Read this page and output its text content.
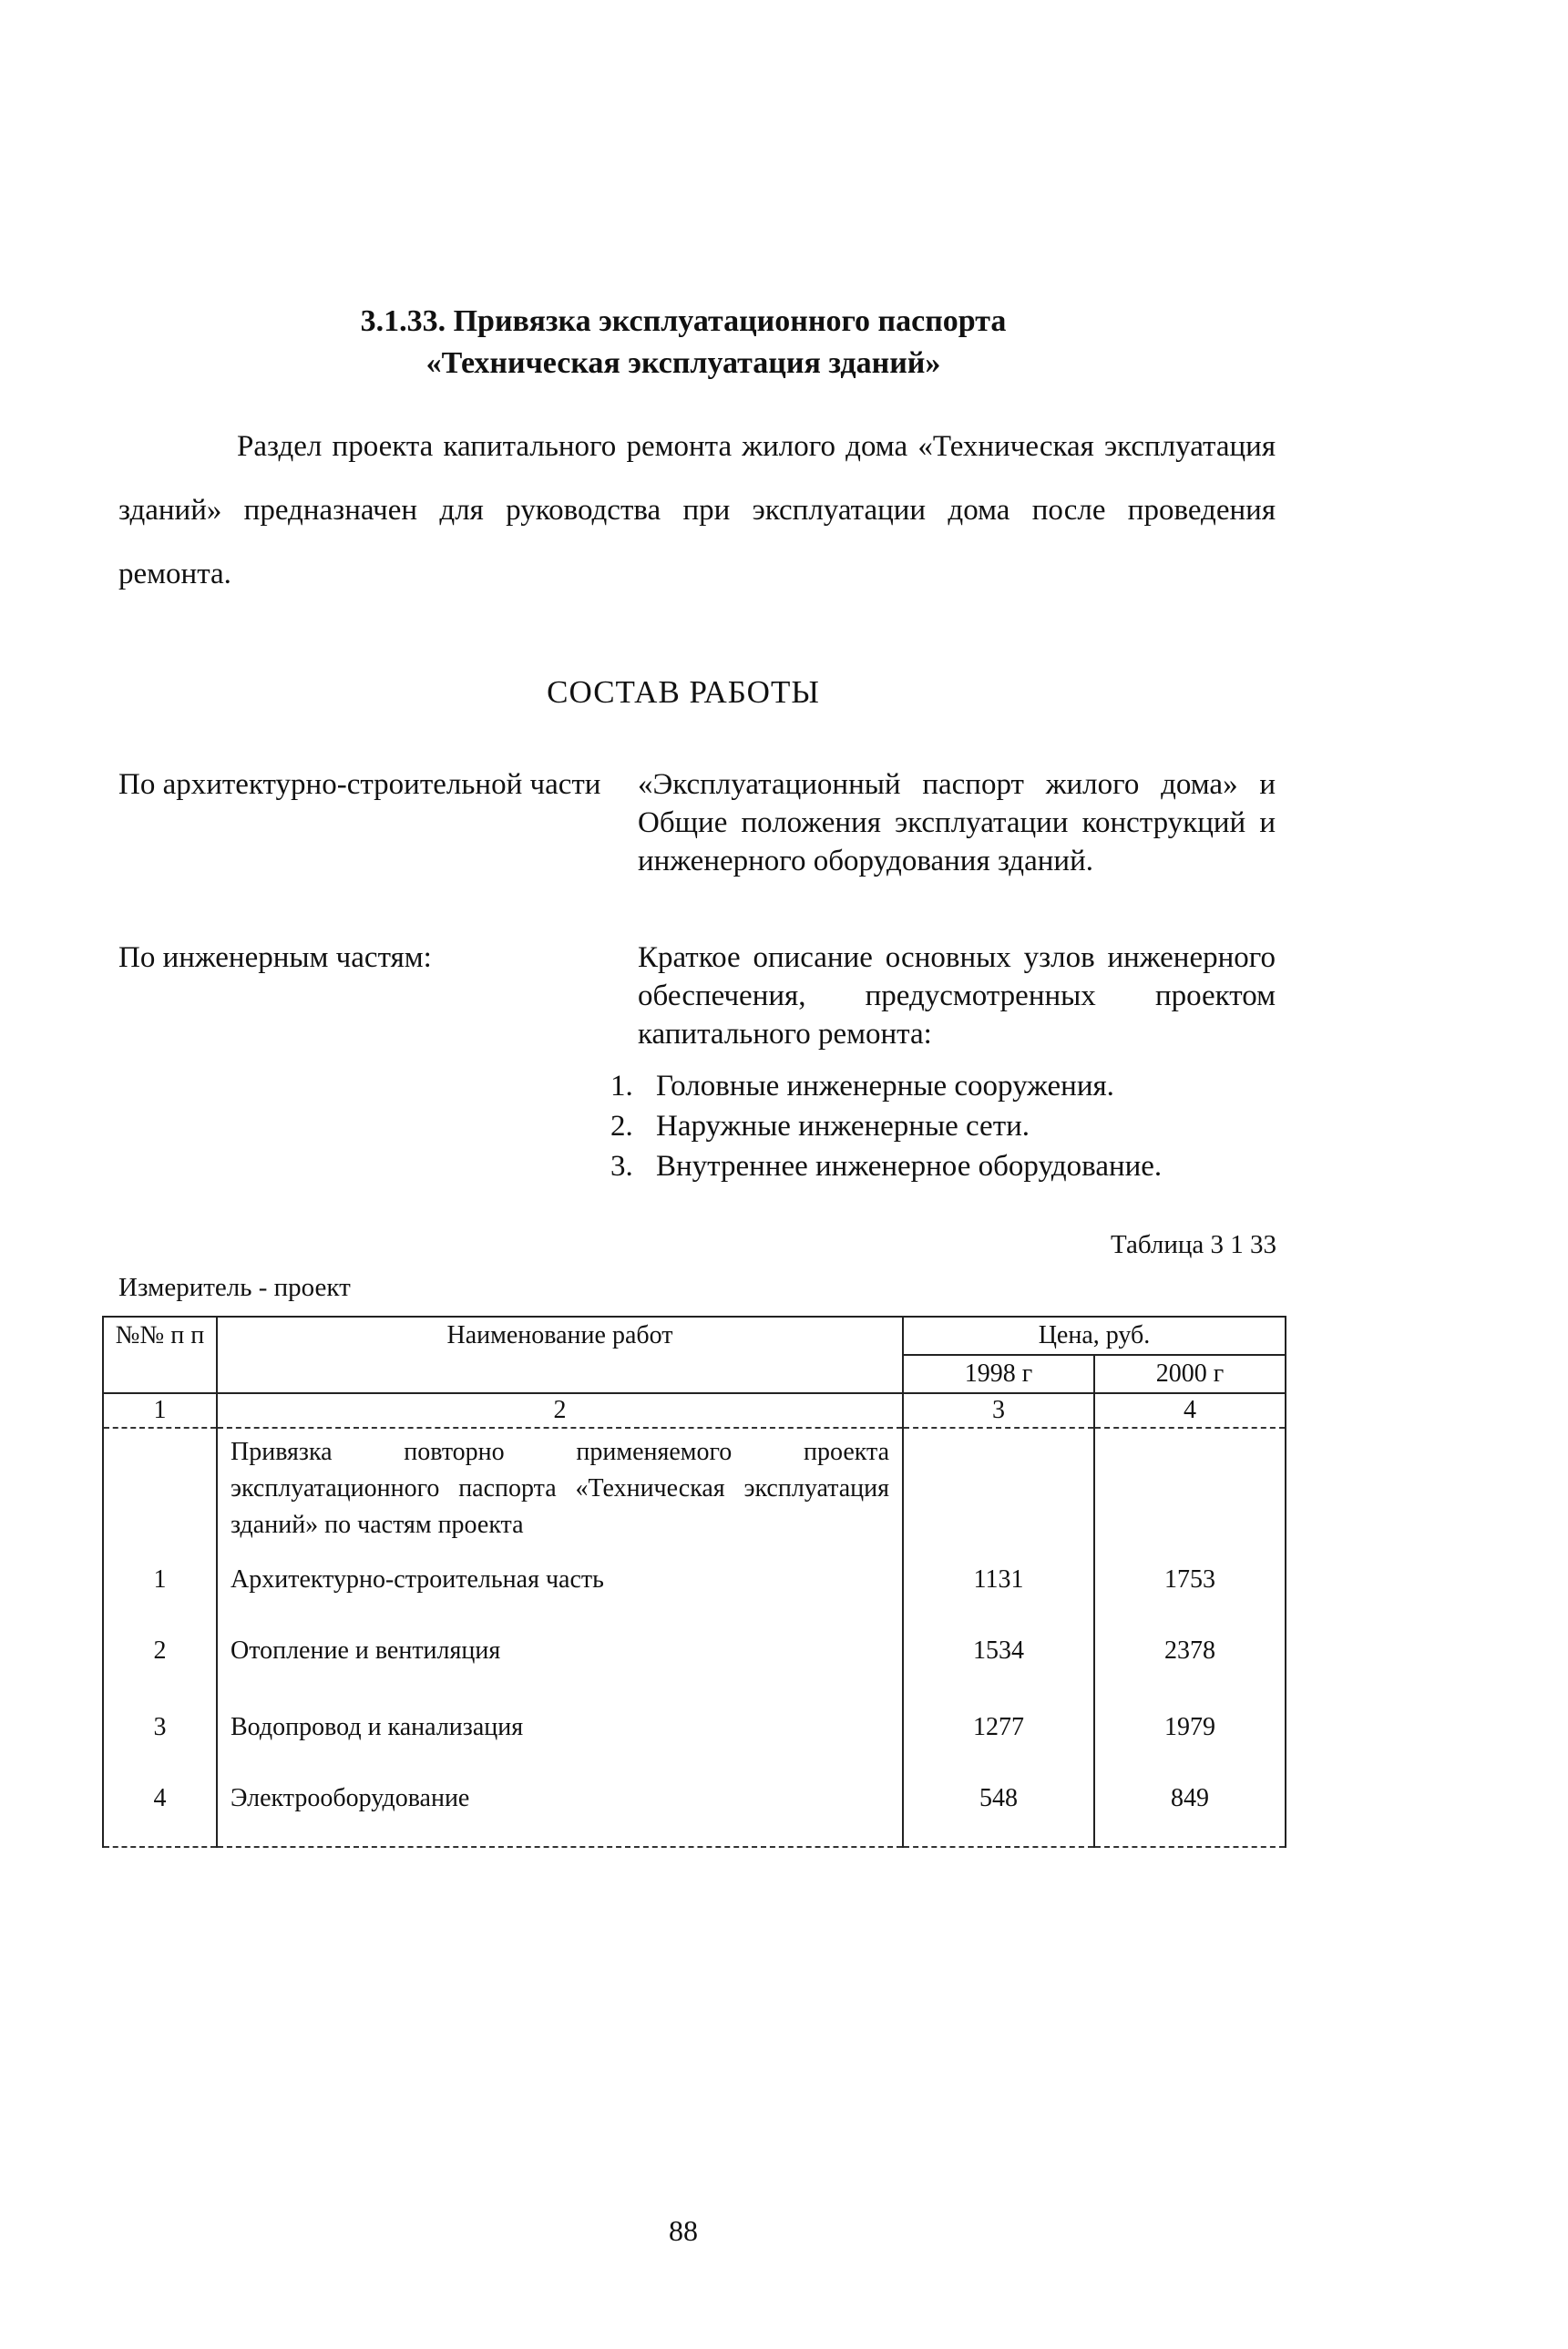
3.1.33. Привязка эксплуатационного паспорта
«Техническая эксплуатация зданий»

Раздел проекта капитального ремонта жилого дома «Техническая эксплуатация зданий» предназначен для руководства при эксплуатации дома после проведения ремонта.

СОСТАВ РАБОТЫ
По архитектурно-строительной части	«Эксплуатационный паспорт жилого дома» и Общие положения эксплуатации конструкций и инженерного оборудования зданий.
По инженерным частям:	Краткое описание основных узлов инженерного обеспечения, предусмотренных проектом капитального ремонта:
1. Головные инженерные сооружения.
2. Наружные инженерные сети.
3. Внутреннее инженерное оборудование.
Таблица 3 1 33
Измеритель - проект
№№ п п	Наименование работ	Цена, руб.	
		1998 г	2000 г
1	2	3	4
	Привязка повторно применяемого проекта эксплуатационного паспорта «Техническая эксплуатация зданий» по частям проекта		
1	Архитектурно-строительная часть	1131	1753
2	Отопление и вентиляция	1534	2378
3	Водопровод и канализация	1277	1979
4	Электрооборудование	548	849
88
